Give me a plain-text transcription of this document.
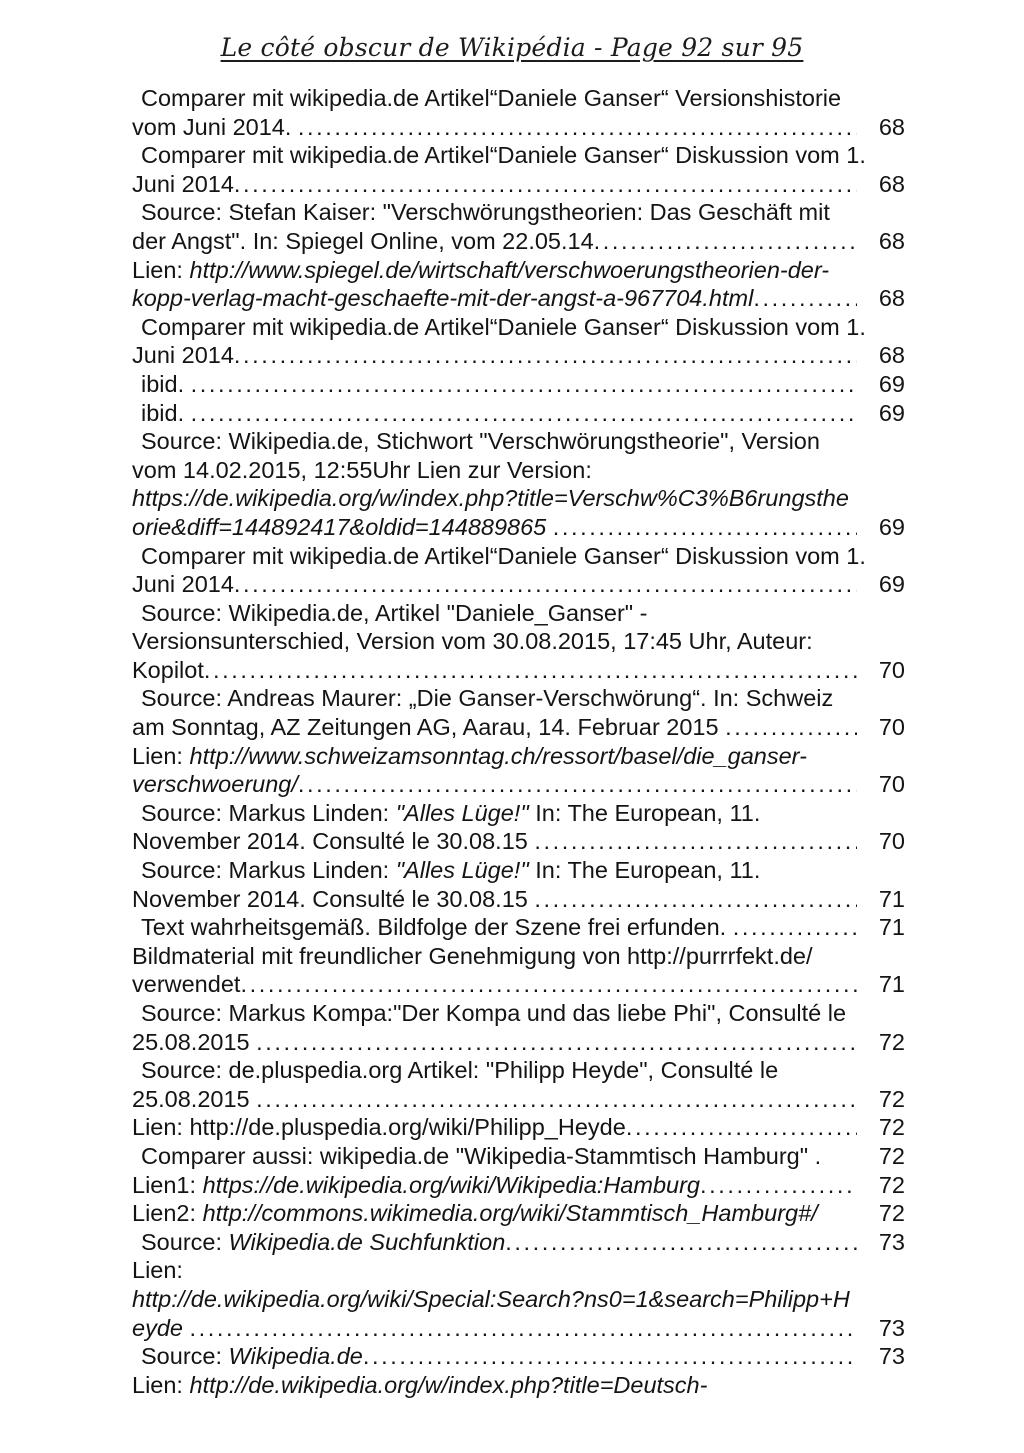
Le côté obscur de Wikipédia - Page 92 sur 95
Comparer mit wikipedia.de Artikel“Daniele Ganser“ Versionshistorie
vom Juni 2014. .....	68
Comparer mit wikipedia.de Artikel“Daniele Ganser“ Diskussion vom 1.
Juni 2014 .....	68
Source: Stefan Kaiser: "Verschwörungstheorien: Das Geschäft mit
der Angst". In: Spiegel Online, vom 22.05.14 .....	68
Lien: http://www.spiegel.de/wirtschaft/verschwoerungstheorien-der-
kopp-verlag-macht-geschaefte-mit-der-angst-a-967704.html .....	68
Comparer mit wikipedia.de Artikel“Daniele Ganser“ Diskussion vom 1.
Juni 2014 .....	68
ibid. .....	69
ibid. .....	69
Source: Wikipedia.de, Stichwort "Verschwörungstheorie", Version
vom 14.02.2015, 12:55Uhr Lien zur Version:
https://de.wikipedia.org/w/index.php?title=Verschw%C3%B6rungsthe
orie&diff=144892417&oldid=144889865 .....	69
Comparer mit wikipedia.de Artikel“Daniele Ganser“ Diskussion vom 1.
Juni 2014 .....	69
Source: Wikipedia.de, Artikel "Daniele_Ganser" -
Versionsunterschied, Version vom 30.08.2015, 17:45 Uhr, Auteur:
Kopilot .....	70
Source: Andreas Maurer: „Die Ganser-Verschwörung“. In: Schweiz
am Sonntag, AZ Zeitungen AG, Aarau, 14. Februar 2015 .....	70
Lien: http://www.schweizamsonntag.ch/ressort/basel/die_ganser-
verschwoerung/ .....	70
Source: Markus Linden: "Alles Lüge!" In: The European, 11.
November 2014. Consulté le 30.08.15 .....	70
Source: Markus Linden: "Alles Lüge!" In: The European, 11.
November 2014. Consulté le 30.08.15 .....	71
Text wahrheitsgemäß. Bildfolge der Szene frei erfunden. .....	71
Bildmaterial mit freundlicher Genehmigung von http://purrrfekt.de/
verwendet .....	71
Source: Markus Kompa:"Der Kompa und das liebe Phi", Consulté le
25.08.2015 .....	72
Source: de.pluspedia.org Artikel: "Philipp Heyde", Consulté le
25.08.2015 .....	72
Lien: http://de.pluspedia.org/wiki/Philipp_Heyde .....	72
Comparer aussi: wikipedia.de "Wikipedia-Stammtisch Hamburg" .	72
Lien1: https://de.wikipedia.org/wiki/Wikipedia:Hamburg .....	72
Lien2: http://commons.wikimedia.org/wiki/Stammtisch_Hamburg#/	72
Source: Wikipedia.de Suchfunktion .....	73
Lien:
http://de.wikipedia.org/wiki/Special:Search?ns0=1&search=Philipp+H
eyde .....	73
Source: Wikipedia.de .....	73
Lien: http://de.wikipedia.org/w/index.php?title=Deutsch-
